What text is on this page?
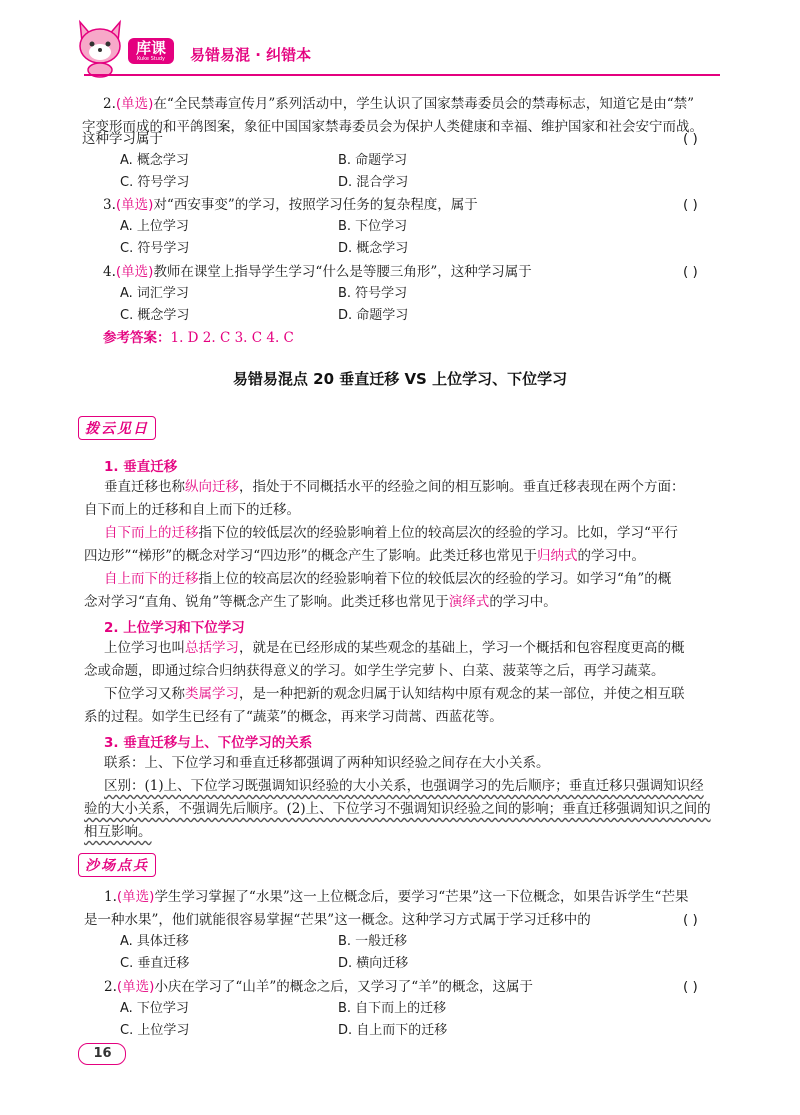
库课
Kuke Study	易错易混 · 纠错本
2.(单选)在“全民禁毒宣传月”系列活动中，学生认识了国家禁毒委员会的禁毒标志，知道它是由“禁”
字变形而成的和平鸽图案，象征中国国家禁毒委员会为保护人类健康和幸福、维护国家和社会安宁而战。
这种学习属于	( )
A. 概念学习	B. 命题学习
C. 符号学习	D. 混合学习
3.(单选)对“西安事变”的学习，按照学习任务的复杂程度，属于	( )
A. 上位学习	B. 下位学习
C. 符号学习	D. 概念学习
4.(单选)教师在课堂上指导学生学习“什么是等腰三角形”，这种学习属于	( )
A. 词汇学习	B. 符号学习
C. 概念学习	D. 命题学习
参考答案：1. D 2. C 3. C 4. C
易错易混点 20 垂直迁移 VS 上位学习、下位学习
拨云见日
1. 垂直迁移
垂直迁移也称纵向迁移，指处于不同概括水平的经验之间的相互影响。垂直迁移表现在两个方面：
自下而上的迁移和自上而下的迁移。
自下而上的迁移指下位的较低层次的经验影响着上位的较高层次的经验的学习。比如，学习“平行
四边形”“梯形”的概念对学习“四边形”的概念产生了影响。此类迁移也常见于归纳式的学习中。
自上而下的迁移指上位的较高层次的经验影响着下位的较低层次的经验的学习。如学习“角”的概
念对学习“直角、锐角”等概念产生了影响。此类迁移也常见于演绎式的学习中。
2. 上位学习和下位学习
上位学习也叫总括学习，就是在已经形成的某些观念的基础上，学习一个概括和包容程度更高的概
念或命题，即通过综合归纳获得意义的学习。如学生学完萝卜、白菜、菠菜等之后，再学习蔬菜。
下位学习又称类属学习，是一种把新的观念归属于认知结构中原有观念的某一部位，并使之相互联
系的过程。如学生已经有了“蔬菜”的概念，再来学习茼蒿、西蓝花等。
3. 垂直迁移与上、下位学习的关系
联系：上、下位学习和垂直迁移都强调了两种知识经验之间存在大小关系。
区别：(1)上、下位学习既强调知识经验的大小关系，也强调学习的先后顺序；垂直迁移只强调知识经
验的大小关系，不强调先后顺序。(2)上、下位学习不强调知识经验之间的影响；垂直迁移强调知识之间的
相互影响。
沙场点兵
1.(单选)学生学习掌握了“水果”这一上位概念后，要学习“芒果”这一下位概念，如果告诉学生“芒果
是一种水果”，他们就能很容易掌握“芒果”这一概念。这种学习方式属于学习迁移中的	( )
A. 具体迁移	B. 一般迁移
C. 垂直迁移	D. 横向迁移
2.(单选)小庆在学习了“山羊”的概念之后，又学习了“羊”的概念，这属于	( )
A. 下位学习	B. 自下而上的迁移
C. 上位学习	D. 自上而下的迁移
16
